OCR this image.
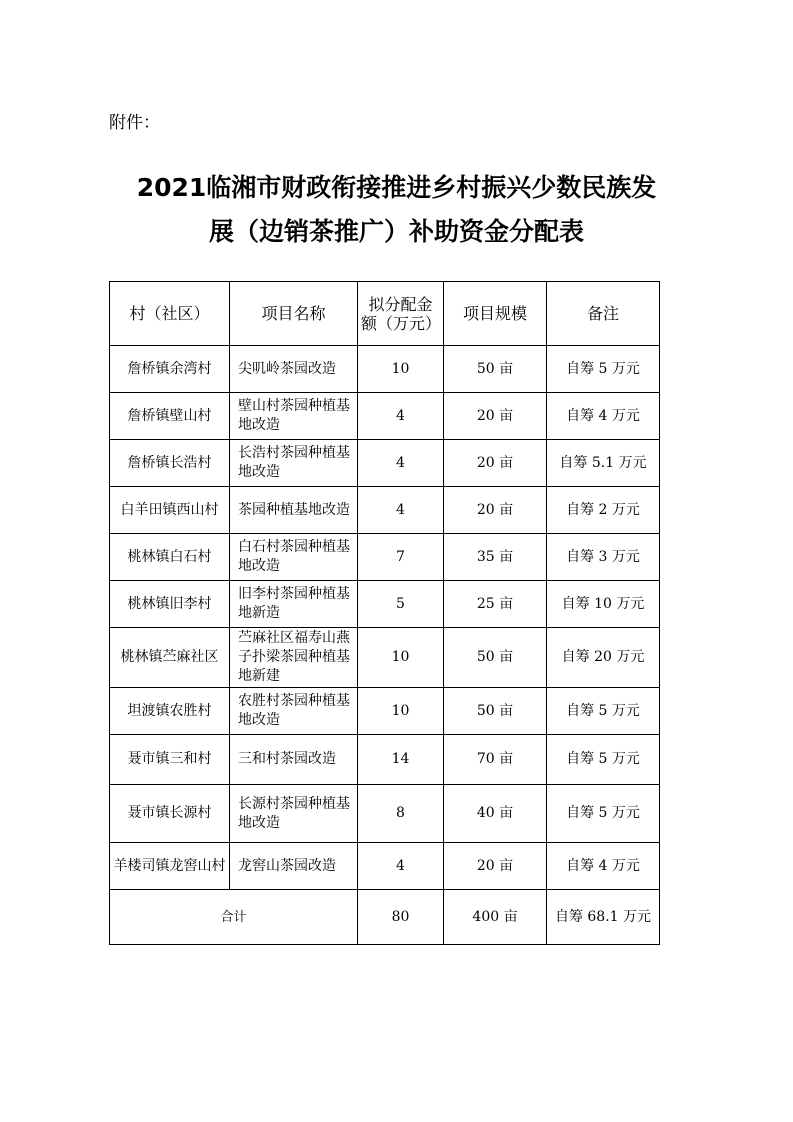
附件：
2021临湘市财政衔接推进乡村振兴少数民族发
展（边销茶推广）补助资金分配表
村（社区）	项目名称	拟分配金额（万元）	项目规模	备注
詹桥镇余湾村	尖叽岭茶园改造	10	50 亩	自筹 5 万元
詹桥镇壁山村	壁山村茶园种植基地改造	4	20 亩	自筹 4 万元
詹桥镇长浩村	长浩村茶园种植基地改造	4	20 亩	自筹 5.1 万元
白羊田镇西山村	茶园种植基地改造	4	20 亩	自筹 2 万元
桃林镇白石村	白石村茶园种植基地改造	7	35 亩	自筹 3 万元
桃林镇旧李村	旧李村茶园种植基地新造	5	25 亩	自筹 10 万元
桃林镇苎麻社区	苎麻社区福寿山燕子扑梁茶园种植基地新建	10	50 亩	自筹 20 万元
坦渡镇农胜村	农胜村茶园种植基地改造	10	50 亩	自筹 5 万元
聂市镇三和村	三和村茶园改造	14	70 亩	自筹 5 万元
聂市镇长源村	长源村茶园种植基地改造	8	40 亩	自筹 5 万元
羊楼司镇龙窖山村	龙窖山茶园改造	4	20 亩	自筹 4 万元
合计		80	400 亩	自筹 68.1 万元
